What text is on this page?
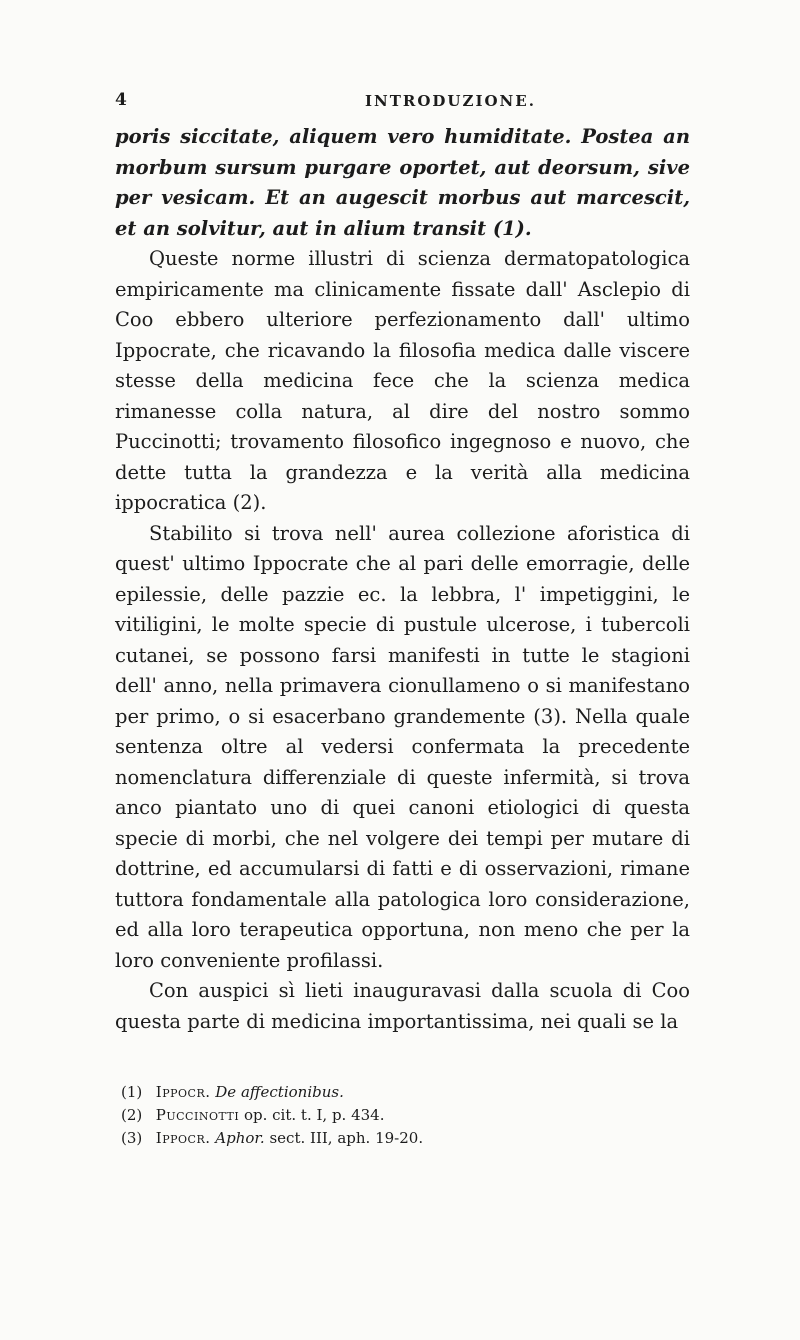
4	INTRODUZIONE.

poris siccitate, aliquem vero humiditate. Postea an morbum sursum purgare oportet, aut deorsum, sive per vesicam. Et an augescit morbus aut marcescit, et an solvitur, aut in alium transit (1).

Queste norme illustri di scienza dermatopatologica empiricamente ma clinicamente fissate dall' Asclepio di Coo ebbero ulteriore perfezionamento dall' ultimo Ippocrate, che ricavando la filosofia medica dalle viscere stesse della medicina fece che la scienza medica rimanesse colla natura, al dire del nostro sommo Puccinotti; trovamento filosofico ingegnoso e nuovo, che dette tutta la grandezza e la verità alla medicina ippocratica (2).

Stabilito si trova nell' aurea collezione aforistica di quest' ultimo Ippocrate che al pari delle emorragie, delle epilessie, delle pazzie ec. la lebbra, l' impetiggini, le vitiligini, le molte specie di pustule ulcerose, i tubercoli cutanei, se possono farsi manifesti in tutte le stagioni dell' anno, nella primavera cionullameno o si manifestano per primo, o si esacerbano grandemente (3). Nella quale sentenza oltre al vedersi confermata la precedente nomenclatura differenziale di queste infermità, si trova anco piantato uno di quei canoni etiologici di questa specie di morbi, che nel volgere dei tempi per mutare di dottrine, ed accumularsi di fatti e di osservazioni, rimane tuttora fondamentale alla patologica loro considerazione, ed alla loro terapeutica opportuna, non meno che per la loro conveniente profilassi.

Con auspici sì lieti inauguravasi dalla scuola di Coo questa parte di medicina importantissima, nei quali se la

(1) Ippocr. De affectionibus.
(2) Puccinotti op. cit. t. I, p. 434.
(3) Ippocr. Aphor. sect. III, aph. 19-20.
